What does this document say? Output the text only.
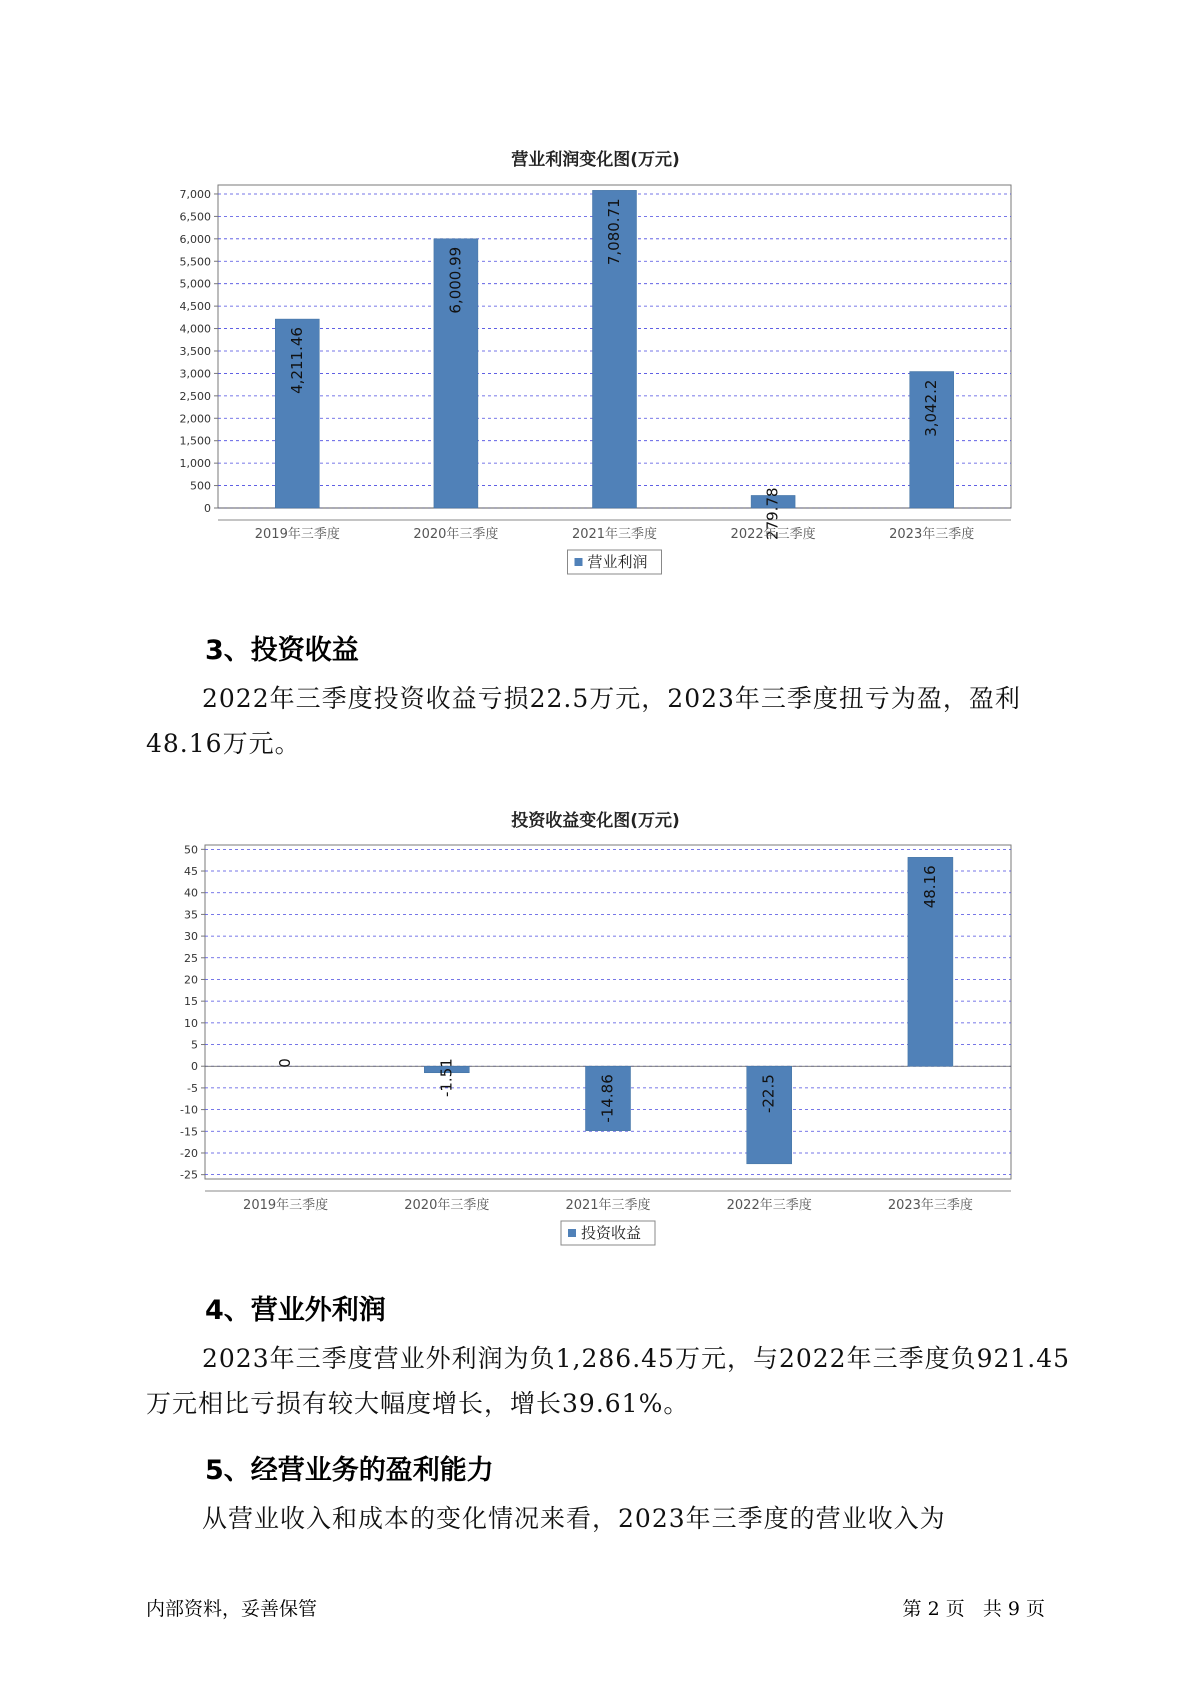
营业利润变化图(万元)
0
500
1,000
1,500
2,000
2,500
3,000
3,500
4,000
4,500
5,000
5,500
6,000
6,500
7,000
4,211.46
2019年三季度
6,000.99
2020年三季度
7,080.71
2021年三季度	279.78
2022年三季度
3,042.2
2023年三季度
营业利润
3、投资收益

2022年三季度投资收益亏损22.5万元，2023年三季度扭亏为盈，盈利48.16万元。

投资收益变化图(万元)
-25
-20
-15
-10
-5
0
5
10
15
20
25
30
35
40
45
50
0
2019年三季度
-1.51
2020年三季度
-14.86
2021年三季度
-22.5
2022年三季度
48.16
2023年三季度
投资收益
4、营业外利润

2023年三季度营业外利润为负1,286.45万元，与2022年三季度负921.45万元相比亏损有较大幅度增长，增长39.61%。

5、经营业务的盈利能力

从营业收入和成本的变化情况来看，2023年三季度的营业收入为

内部资料，妥善保管	第 2 页   共 9 页
